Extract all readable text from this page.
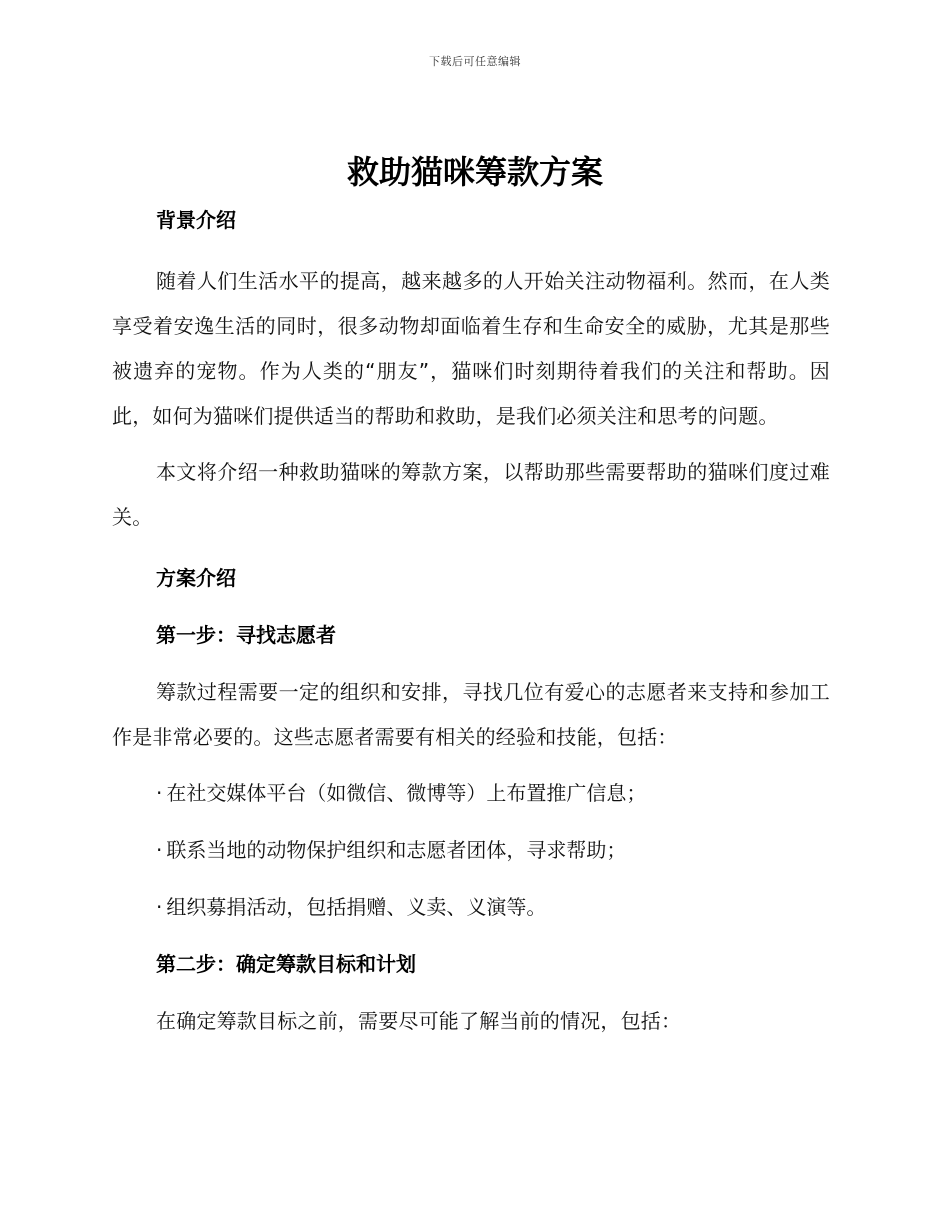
下载后可任意编辑
救助猫咪筹款方案
背景介绍

随着人们生活水平的提高，越来越多的人开始关注动物福利。然而，在人类享受着安逸生活的同时，很多动物却面临着生存和生命安全的威胁，尤其是那些被遗弃的宠物。作为人类的“朋友”，猫咪们时刻期待着我们的关注和帮助。因此，如何为猫咪们提供适当的帮助和救助，是我们必须关注和思考的问题。

本文将介绍一种救助猫咪的筹款方案，以帮助那些需要帮助的猫咪们度过难关。

方案介绍
第一步：寻找志愿者

筹款过程需要一定的组织和安排，寻找几位有爱心的志愿者来支持和参加工作是非常必要的。这些志愿者需要有相关的经验和技能，包括：

· 在社交媒体平台（如微信、微博等）上布置推广信息；

· 联系当地的动物保护组织和志愿者团体，寻求帮助；

· 组织募捐活动，包括捐赠、义卖、义演等。

第二步：确定筹款目标和计划

在确定筹款目标之前，需要尽可能了解当前的情况，包括：
